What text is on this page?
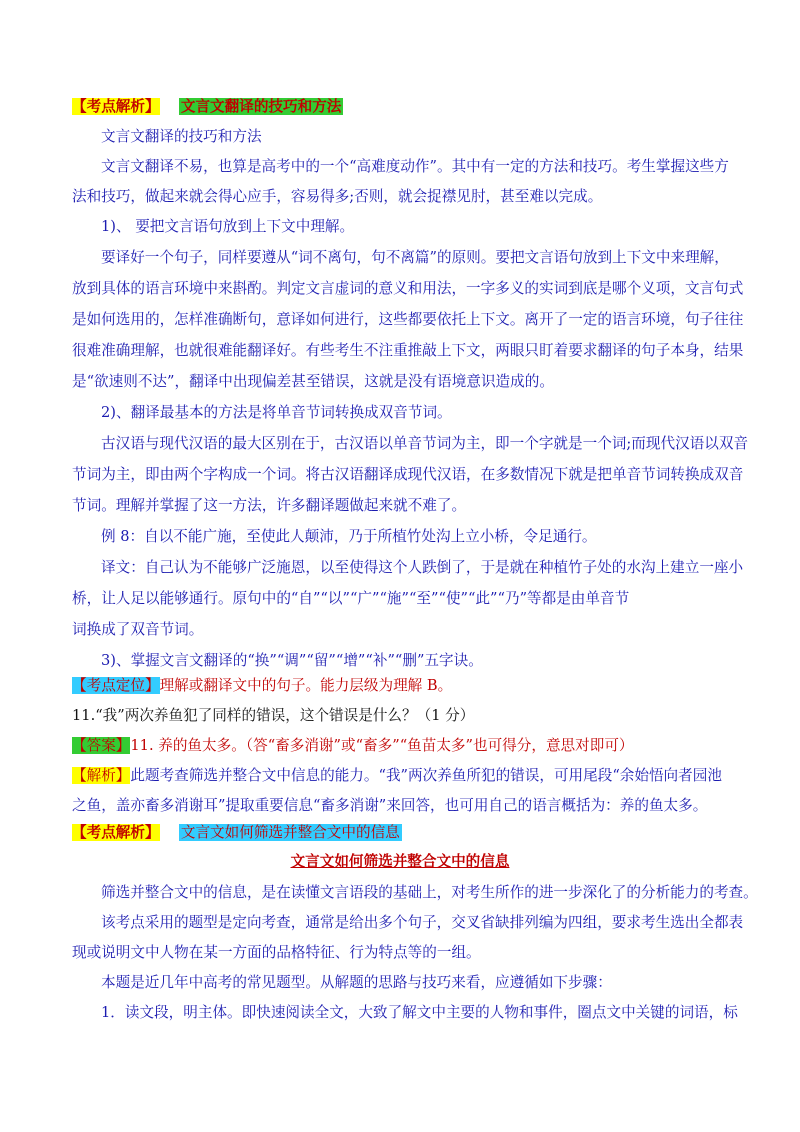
【考点解析】 文言文翻译的技巧和方法
文言文翻译的技巧和方法
文言文翻译不易，也算是高考中的一个“高难度动作”。其中有一定的方法和技巧。考生掌握这些方
法和技巧，做起来就会得心应手，容易得多;否则，就会捉襟见肘，甚至难以完成。
1)、 要把文言语句放到上下文中理解。
要译好一个句子，同样要遵从“词不离句，句不离篇”的原则。要把文言语句放到上下文中来理解，
放到具体的语言环境中来斟酌。判定文言虚词的意义和用法，一字多义的实词到底是哪个义项，文言句式
是如何选用的，怎样准确断句，意译如何进行，这些都要依托上下文。离开了一定的语言环境，句子往往
很难准确理解，也就很难能翻译好。有些考生不注重推敲上下文，两眼只盯着要求翻译的句子本身，结果
是“欲速则不达”，翻译中出现偏差甚至错误，这就是没有语境意识造成的。
2)、翻译最基本的方法是将单音节词转换成双音节词。
古汉语与现代汉语的最大区别在于，古汉语以单音节词为主，即一个字就是一个词;而现代汉语以双音
节词为主，即由两个字构成一个词。将古汉语翻译成现代汉语，在多数情况下就是把单音节词转换成双音
节词。理解并掌握了这一方法，许多翻译题做起来就不难了。
例 8：自以不能广施，至使此人颠沛，乃于所植竹处沟上立小桥，令足通行。
译文：自己认为不能够广泛施恩，以至使得这个人跌倒了，于是就在种植竹子处的水沟上建立一座小
桥，让人足以能够通行。原句中的“自”“以”“广”“施”“至”“使”“此”“乃”等都是由单音节
词换成了双音节词。
3)、掌握文言文翻译的“换”“调”“留”“增”“补”“删”五字诀。
【考点定位】理解或翻译文中的句子。能力层级为理解 B。
11.“我”两次养鱼犯了同样的错误，这个错误是什么？（1 分）
【答案】11. 养的鱼太多。（答“畜多消谢”或“畜多”“鱼苗太多”也可得分，意思对即可）
【解析】此题考查筛选并整合文中信息的能力。“我”两次养鱼所犯的错误，可用尾段“余始悟向者园池
之鱼，盖亦畜多消谢耳”提取重要信息“畜多消谢”来回答，也可用自己的语言概括为：养的鱼太多。
【考点解析】 文言文如何筛选并整合文中的信息
文言文如何筛选并整合文中的信息
筛选并整合文中的信息，是在读懂文言语段的基础上，对考生所作的进一步深化了的分析能力的考查。
该考点采用的题型是定向考查，通常是给出多个句子，交叉省缺排列编为四组，要求考生选出全都表
现或说明文中人物在某一方面的品格特征、行为特点等的一组。
本题是近几年中高考的常见题型。从解题的思路与技巧来看，应遵循如下步骤：
1．读文段，明主体。即快速阅读全文，大致了解文中主要的人物和事件，圈点文中关键的词语，标
